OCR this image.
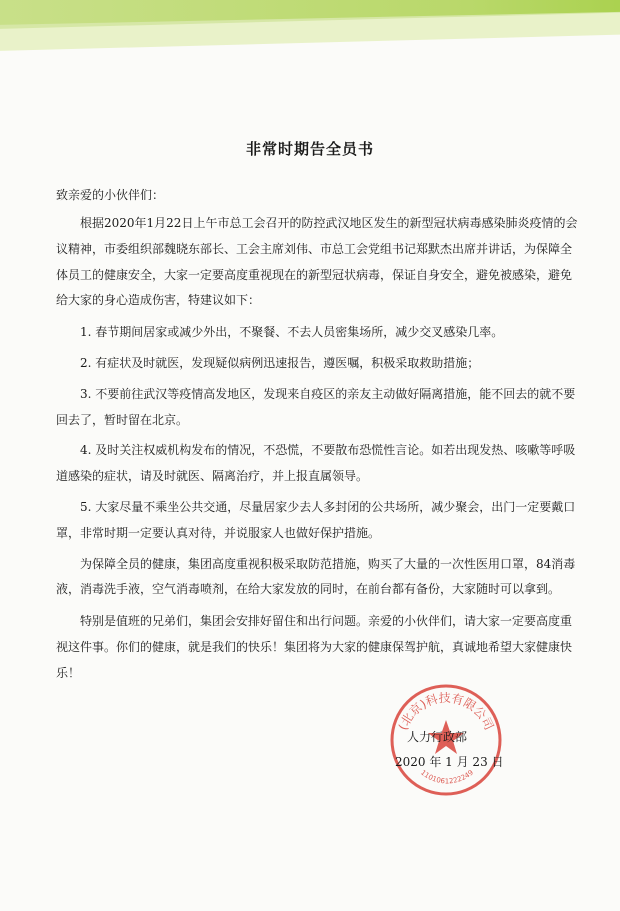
非常时期告全员书
致亲爱的小伙伴们：

根据2020年1月22日上午市总工会召开的防控武汉地区发生的新型冠状病毒感染肺炎疫情的会议精神，市委组织部魏晓东部长、工会主席刘伟、市总工会党组书记郑默杰出席并讲话，为保障全体员工的健康安全，大家一定要高度重视现在的新型冠状病毒，保证自身安全，避免被感染，避免给大家的身心造成伤害，特建议如下：

1. 春节期间居家或减少外出，不聚餐、不去人员密集场所，减少交叉感染几率。

2. 有症状及时就医，发现疑似病例迅速报告，遵医嘱，积极采取救助措施；

3. 不要前往武汉等疫情高发地区，发现来自疫区的亲友主动做好隔离措施，能不回去的就不要回去了，暂时留在北京。

4. 及时关注权威机构发布的情况，不恐慌，不要散布恐慌性言论。如若出现发热、咳嗽等呼吸道感染的症状，请及时就医、隔离治疗，并上报直属领导。

5. 大家尽量不乘坐公共交通，尽量居家少去人多封闭的公共场所，减少聚会，出门一定要戴口罩，非常时期一定要认真对待，并说服家人也做好保护措施。

为保障全员的健康，集团高度重视积极采取防范措施，购买了大量的一次性医用口罩，84消毒液，消毒洗手液，空气消毒喷剂，在给大家发放的同时，在前台都有备份，大家随时可以拿到。

特别是值班的兄弟们，集团会安排好留住和出行问题。亲爱的小伙伴们，请大家一定要高度重视这件事。你们的健康，就是我们的快乐！集团将为大家的健康保驾护航，真诚地希望大家健康快乐！

(北京)科技有限公司
1101061222249
人力行政部
2020 年 1 月 23 日
